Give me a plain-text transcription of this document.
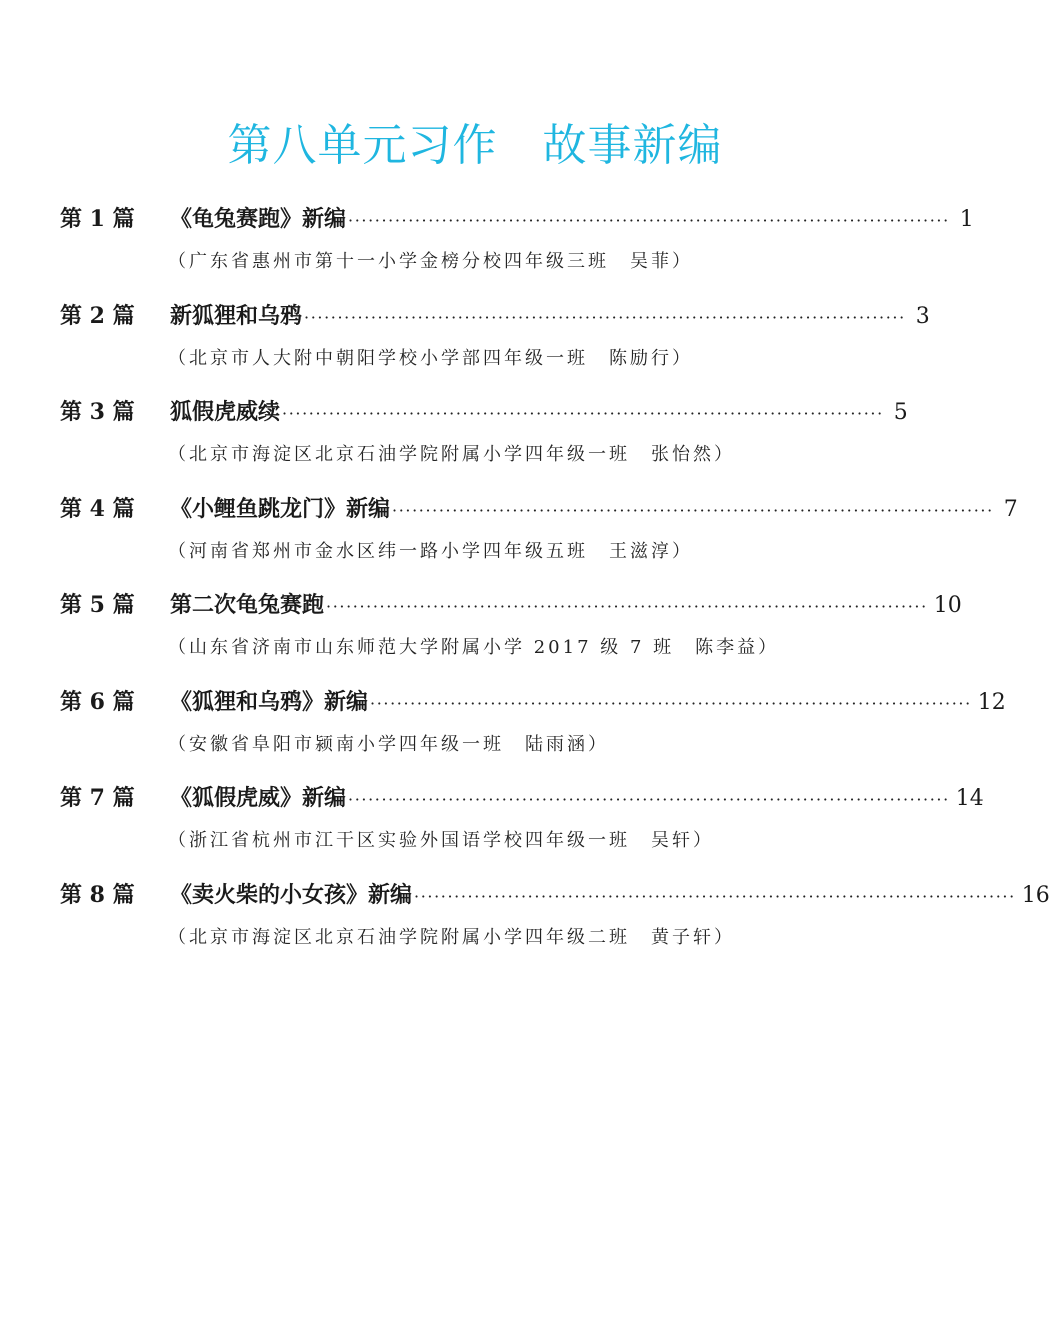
第八单元习作　故事新编
第 1 篇	《龟兔赛跑》新编 ·························································································· 1
（广东省惠州市第十一小学金榜分校四年级三班　吴菲）
第 2 篇	新狐狸和乌鸦 ·························································································· 3
（北京市人大附中朝阳学校小学部四年级一班　陈励行）
第 3 篇	狐假虎威续 ·························································································· 5
（北京市海淀区北京石油学院附属小学四年级一班　张怡然）
第 4 篇	《小鲤鱼跳龙门》新编 ·························································································· 7
（河南省郑州市金水区纬一路小学四年级五班　王滋淳）
第 5 篇	第二次龟兔赛跑 ·························································································· 10
（山东省济南市山东师范大学附属小学 2017 级 7 班　陈李益）
第 6 篇	《狐狸和乌鸦》新编 ·························································································· 12
（安徽省阜阳市颍南小学四年级一班　陆雨涵）
第 7 篇	《狐假虎威》新编 ·························································································· 14
（浙江省杭州市江干区实验外国语学校四年级一班　吴轩）
第 8 篇	《卖火柴的小女孩》新编 ·························································································· 16
（北京市海淀区北京石油学院附属小学四年级二班　黄子轩）
